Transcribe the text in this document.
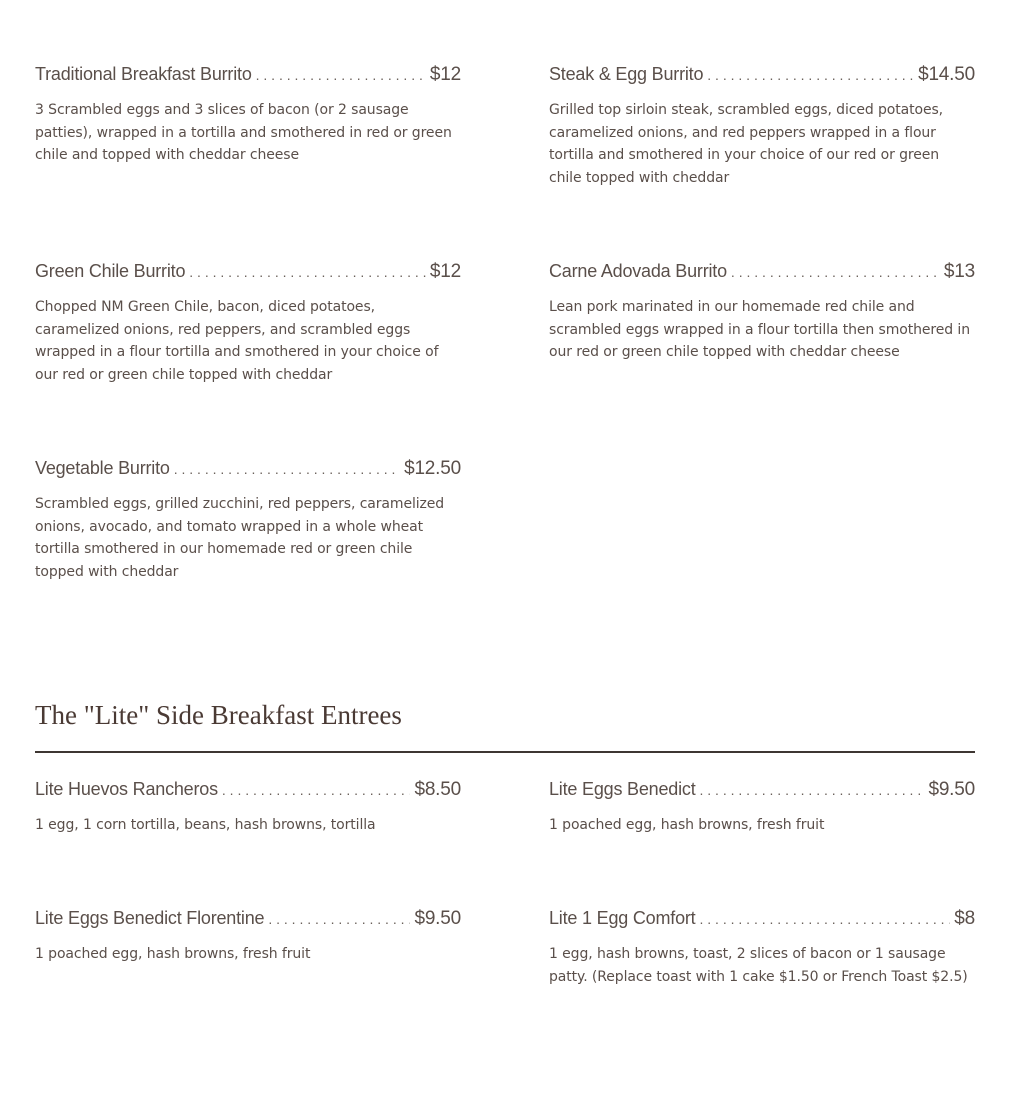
Traditional Breakfast Burrito . . .	$12
3 Scrambled eggs and 3 slices of bacon (or 2 sausage patties), wrapped in a tortilla and smothered in red or green chile and topped with cheddar cheese
Steak & Egg Burrito . . .	$14.50
Grilled top sirloin steak, scrambled eggs, diced potatoes, caramelized onions, and red peppers wrapped in a flour tortilla and smothered in your choice of our red or green chile topped with cheddar
Green Chile Burrito . . .	$12
Chopped NM Green Chile, bacon, diced potatoes, caramelized onions, red peppers, and scrambled eggs wrapped in a flour tortilla and smothered in your choice of our red or green chile topped with cheddar
Carne Adovada Burrito . . .	$13
Lean pork marinated in our homemade red chile and scrambled eggs wrapped in a flour tortilla then smothered in our red or green chile topped with cheddar cheese
Vegetable Burrito . . .	$12.50
Scrambled eggs, grilled zucchini, red peppers, caramelized onions, avocado, and tomato wrapped in a whole wheat tortilla smothered in our homemade red or green chile topped with cheddar
The "Lite" Side Breakfast Entrees
Lite Huevos Rancheros . . .	$8.50
1 egg, 1 corn tortilla, beans, hash browns, tortilla
Lite Eggs Benedict . . .	$9.50
1 poached egg, hash browns, fresh fruit
Lite Eggs Benedict Florentine . . .	$9.50
1 poached egg, hash browns, fresh fruit
Lite 1 Egg Comfort . . .	$8
1 egg, hash browns, toast, 2 slices of bacon or 1 sausage patty. (Replace toast with 1 cake $1.50 or French Toast $2.5)
